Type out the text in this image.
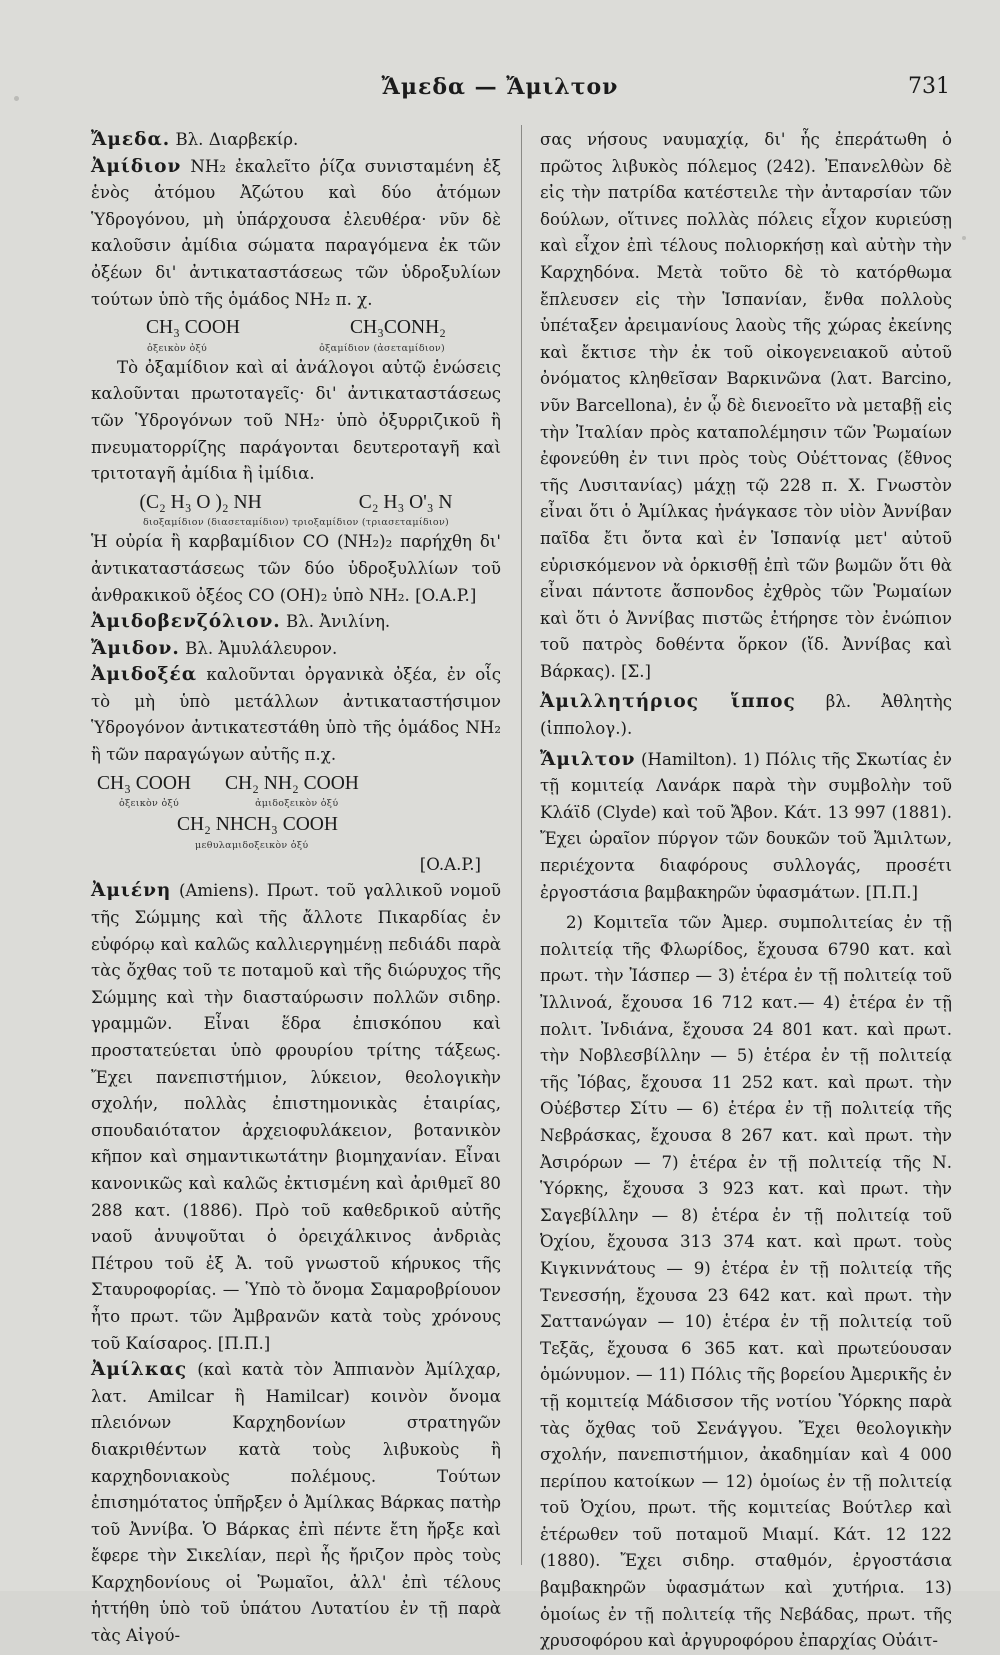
Ἄμεδα — Ἄμιλτον	731

Ἄμεδα. Βλ. Διαρβεκίρ.

Ἀμίδιον NH₂ ἐκαλεῖτο ῥίζα συνισταμένη ἐξ ἑνὸς ἀτόμου Ἀζώτου καὶ δύο ἀτόμων Ὑδρογόνου, μὴ ὑπάρχουσα ἐλευθέρα· νῦν δὲ καλοῦσιν ἀμίδια σώματα παραγόμενα ἐκ τῶν ὀξέων δι' ἀντικαταστάσεως τῶν ὑδροξυλίων τούτων ὑπὸ τῆς ὁμάδος NH₂ π. χ.

CH₃ COOH	CH₃CONH₂
ὀξεικὸν ὀξύ	ὀξαμίδιον (ἀσεταμίδιον)

Τὸ ὀξαμίδιον καὶ αἱ ἀνάλογοι αὐτῷ ἑνώσεις καλοῦνται πρωτοταγεῖς· δι' ἀντικαταστάσεως τῶν Ὑδρογόνων τοῦ NH₂· ὑπὸ ὀξυρριζικοῦ ἢ πνευματορρίζης παράγονται δευτεροταγῆ καὶ τριτοταγῆ ἀμίδια ἢ ἰμίδια.

(C₂ H₃ O )₂ NH	C₂ H₃ O'₃ N
διοξαμίδιον (διασεταμίδιον) τριοξαμίδιον (τριασεταμίδιον)

Ἡ οὐρία ἢ καρβαμίδιον CO (NH₂)₂ παρήχθη δι' ἀντικαταστάσεως τῶν δύο ὑδροξυλλίων τοῦ ἀνθρακικοῦ ὀξέος CO (OH)₂ ὑπὸ NH₂. [O.A.P.]

Ἀμιδοβενζόλιον. Βλ. Ἀνιλίνη.

Ἄμιδον. Βλ. Ἀμυλάλευρον.

Ἀμιδοξέα καλοῦνται ὀργανικὰ ὀξέα, ἐν οἷς τὸ μὴ ὑπὸ μετάλλων ἀντικαταστήσιμον Ὑδρογόνον ἀντικατεστάθη ὑπὸ τῆς ὁμάδος NH₂ ἢ τῶν παραγώγων αὐτῆς π.χ.

CH₃ COOH CH₂ NH₂ COOH
ὀξεικὸν ὀξύ	ἀμιδοξεικὸν ὀξύ
CH₂ NHCH₃ COOH
μεθυλαμιδοξεικὸν ὀξύ

[O.A.P.]

Ἀμιένη (Amiens). Πρωτ. τοῦ γαλλικοῦ νομοῦ τῆς Σώμμης καὶ τῆς ἄλλοτε Πικαρδίας ἐν εὐφόρῳ καὶ καλῶς καλλιεργημένῃ πεδιάδι παρὰ τὰς ὄχθας τοῦ τε ποταμοῦ καὶ τῆς διώρυχος τῆς Σώμμης καὶ τὴν διασταύρωσιν πολλῶν σιδηρ. γραμμῶν. Εἶναι ἕδρα ἐπισκόπου καὶ προστατεύεται ὑπὸ φρουρίου τρίτης τάξεως. Ἔχει πανεπιστήμιον, λύκειον, θεολογικὴν σχολήν, πολλὰς ἐπιστημονικὰς ἑταιρίας, σπουδαιότατον ἀρχειοφυλάκειον, βοτανικὸν κῆπον καὶ σημαντικωτάτην βιομηχανίαν. Εἶναι κανονικῶς καὶ καλῶς ἐκτισμένη καὶ ἀριθμεῖ 80 288 κατ. (1886). Πρὸ τοῦ καθεδρικοῦ αὐτῆς ναοῦ ἀνυψοῦται ὁ ὀρειχάλκινος ἀνδριὰς Πέτρου τοῦ ἐξ Ἀ. τοῦ γνωστοῦ κήρυκος τῆς Σταυροφορίας. — Ὑπὸ τὸ ὄνομα Σαμαροβρίουον ἦτο πρωτ. τῶν Ἀμβρανῶν κατὰ τοὺς χρόνους τοῦ Καίσαρος. [Π.Π.]

Ἀμίλκας (καὶ κατὰ τὸν Ἀππιανὸν Ἀμίλχαρ, λατ. Amilcar ἢ Hamilcar) κοινὸν ὄνομα πλειόνων Καρχηδονίων στρατηγῶν διακριθέντων κατὰ τοὺς λιβυκοὺς ἢ καρχηδονιακοὺς πολέμους. Τούτων ἐπισημότατος ὑπῆρξεν ὁ Ἀμίλκας Βάρκας πατὴρ τοῦ Ἀννίβα. Ὁ Βάρκας ἐπὶ πέντε ἔτη ἤρξε καὶ ἔφερε τὴν Σικελίαν, περὶ ἧς ἤριζον πρὸς τοὺς Καρχηδονίους οἱ Ῥωμαῖοι, ἀλλ' ἐπὶ τέλους ἡττήθη ὑπὸ τοῦ ὑπάτου Λυτατίου ἐν τῇ παρὰ τὰς Αἰγού-

σας νήσους ναυμαχίᾳ, δι' ἧς ἐπεράτωθη ὁ πρῶτος λιβυκὸς πόλεμος (242). Ἐπανελθὼν δὲ εἰς τὴν πατρίδα κατέστειλε τὴν ἀνταρσίαν τῶν δούλων, οἵτινες πολλὰς πόλεις εἶχον κυριεύσῃ καὶ εἶχον ἐπὶ τέλους πολιορκήσῃ καὶ αὐτὴν τὴν Καρχηδόνα. Μετὰ τοῦτο δὲ τὸ κατόρθωμα ἔπλευσεν εἰς τὴν Ἱσπανίαν, ἔνθα πολλοὺς ὑπέταξεν ἀρειμανίους λαοὺς τῆς χώρας ἐκείνης καὶ ἔκτισε τὴν ἐκ τοῦ οἰκογενειακοῦ αὐτοῦ ὀνόματος κληθεῖσαν Βαρκινῶνα (λατ. Barcino, νῦν Barcellona), ἐν ᾧ δὲ διενοεῖτο νὰ μεταβῇ εἰς τὴν Ἰταλίαν πρὸς καταπολέμησιν τῶν Ῥωμαίων ἐφονεύθη ἐν τινι πρὸς τοὺς Οὐέττονας (ἔθνος τῆς Λυσιτανίας) μάχῃ τῷ 228 π. Χ. Γνωστὸν εἶναι ὅτι ὁ Ἀμίλκας ἠνάγκασε τὸν υἱὸν Ἀννίβαν παῖδα ἔτι ὄντα καὶ ἐν Ἱσπανίᾳ μετ' αὐτοῦ εὑρισκόμενον νὰ ὁρκισθῇ ἐπὶ τῶν βωμῶν ὅτι θὰ εἶναι πάντοτε ἄσπονδος ἐχθρὸς τῶν Ῥωμαίων καὶ ὅτι ὁ Ἀννίβας πιστῶς ἐτήρησε τὸν ἐνώπιον τοῦ πατρὸς δοθέντα ὅρκον (ἴδ. Ἀννίβας καὶ Βάρκας). [Σ.]

Ἀμιλλητήριος ἵππος βλ. Ἀθλητὴς (ἱππολογ.).

Ἄμιλτον (Hamilton). 1) Πόλις τῆς Σκωτίας ἐν τῇ κομιτείᾳ Λανάρκ παρὰ τὴν συμβολὴν τοῦ Κλάϊδ (Clyde) καὶ τοῦ Ἄβον. Κάτ. 13 997 (1881). Ἔχει ὡραῖον πύργον τῶν δουκῶν τοῦ Ἄμιλτων, περιέχοντα διαφόρους συλλογάς, προσέτι ἐργοστάσια βαμβακηρῶν ὑφασμάτων. [Π.Π.]

2) Κομιτεῖα τῶν Ἀμερ. συμπολιτείας ἐν τῇ πολιτείᾳ τῆς Φλωρίδος, ἔχουσα 6790 κατ. καὶ πρωτ. τὴν Ἰάσπερ — 3) ἑτέρα ἐν τῇ πολιτείᾳ τοῦ Ἰλλινοά, ἔχουσα 16 712 κατ.— 4) ἑτέρα ἐν τῇ πολιτ. Ἰνδιάνα, ἔχουσα 24 801 κατ. καὶ πρωτ. τὴν Νοβλεσβίλλην — 5) ἑτέρα ἐν τῇ πολιτείᾳ τῆς Ἰόβας, ἔχουσα 11 252 κατ. καὶ πρωτ. τὴν Οὐέβστερ Σίτυ — 6) ἑτέρα ἐν τῇ πολιτείᾳ τῆς Νεβράσκας, ἔχουσα 8 267 κατ. καὶ πρωτ. τὴν Ἀσιρόρων — 7) ἑτέρα ἐν τῇ πολιτείᾳ τῆς Ν. Ὑόρκης, ἔχουσα 3 923 κατ. καὶ πρωτ. τὴν Σαγεβίλλην — 8) ἑτέρα ἐν τῇ πολιτείᾳ τοῦ Ὀχίου, ἔχουσα 313 374 κατ. καὶ πρωτ. τοὺς Κιγκιννάτους — 9) ἑτέρα ἐν τῇ πολιτείᾳ τῆς Τενεσσήη, ἔχουσα 23 642 κατ. καὶ πρωτ. τὴν Σαττανώγαν — 10) ἑτέρα ἐν τῇ πολιτείᾳ τοῦ Τεξᾶς, ἔχουσα 6 365 κατ. καὶ πρωτεύουσαν ὁμώνυμον. — 11) Πόλις τῆς βορείου Ἀμερικῆς ἐν τῇ κομιτείᾳ Μάδισσον τῆς νοτίου Ὑόρκης παρὰ τὰς ὄχθας τοῦ Σενάγγου. Ἔχει θεολογικὴν σχολήν, πανεπιστήμιον, ἀκαδημίαν καὶ 4 000 περίπου κατοίκων — 12) ὁμοίως ἐν τῇ πολιτείᾳ τοῦ Ὀχίου, πρωτ. τῆς κομιτείας Βούτλερ καὶ ἑτέρωθεν τοῦ ποταμοῦ Μιαμί. Κάτ. 12 122 (1880). Ἔχει σιδηρ. σταθμόν, ἐργοστάσια βαμβακηρῶν ὑφασμάτων καὶ χυτήρια. 13) ὁμοίως ἐν τῇ πολιτείᾳ τῆς Νεβάδας, πρωτ. τῆς χρυσοφόρου καὶ ἀργυροφόρου ἐπαρχίας Οὐάιτ-
